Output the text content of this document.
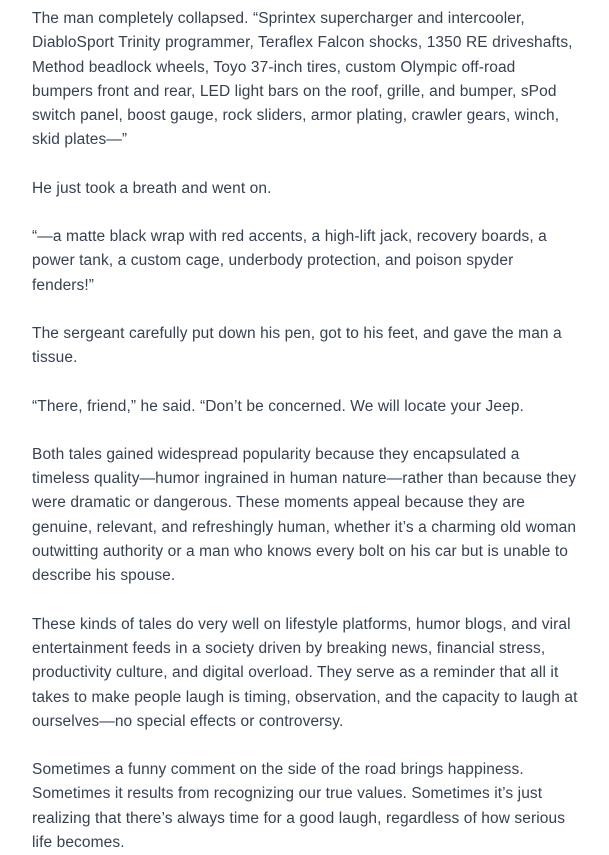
The man completely collapsed. “Sprintex supercharger and intercooler, DiabloSport Trinity programmer, Teraflex Falcon shocks, 1350 RE driveshafts, Method beadlock wheels, Toyo 37-inch tires, custom Olympic off-road bumpers front and rear, LED light bars on the roof, grille, and bumper, sPod switch panel, boost gauge, rock sliders, armor plating, crawler gears, winch, skid plates—”

He just took a breath and went on.

“—a matte black wrap with red accents, a high-lift jack, recovery boards, a power tank, a custom cage, underbody protection, and poison spyder fenders!”

The sergeant carefully put down his pen, got to his feet, and gave the man a tissue.

“There, friend,” he said. “Don’t be concerned. We will locate your Jeep.

Both tales gained widespread popularity because they encapsulated a timeless quality—humor ingrained in human nature—rather than because they were dramatic or dangerous. These moments appeal because they are genuine, relevant, and refreshingly human, whether it’s a charming old woman outwitting authority or a man who knows every bolt on his car but is unable to describe his spouse.

These kinds of tales do very well on lifestyle platforms, humor blogs, and viral entertainment feeds in a society driven by breaking news, financial stress, productivity culture, and digital overload. They serve as a reminder that all it takes to make people laugh is timing, observation, and the capacity to laugh at ourselves—no special effects or controversy.

Sometimes a funny comment on the side of the road brings happiness. Sometimes it results from recognizing our true values. Sometimes it’s just realizing that there’s always time for a good laugh, regardless of how serious life becomes.
